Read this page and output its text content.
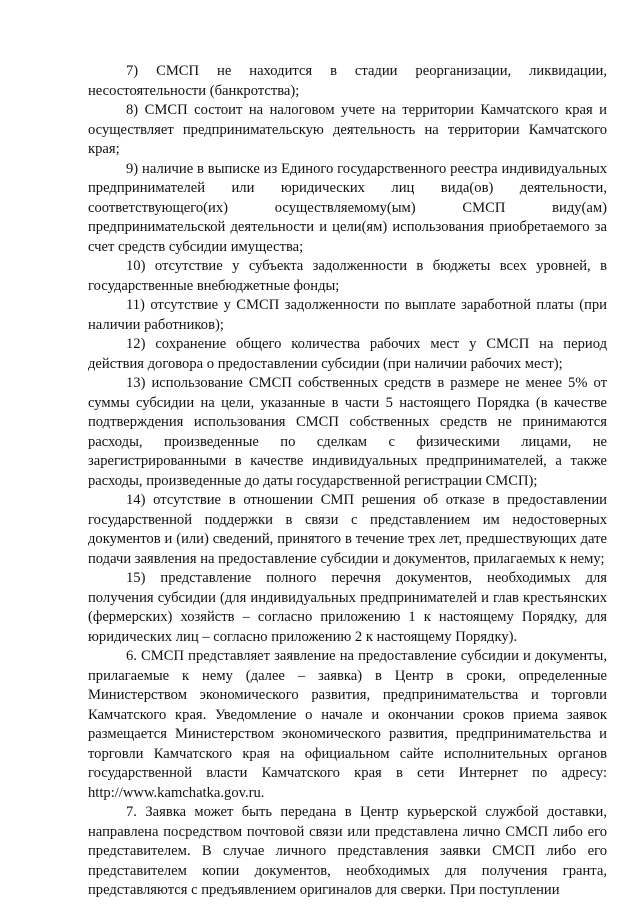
7) СМСП не находится в стадии реорганизации, ликвидации, несостоятельности (банкротства);

8) СМСП состоит на налоговом учете на территории Камчатского края и осуществляет предпринимательскую деятельность на территории Камчатского края;

9) наличие в выписке из Единого государственного реестра индивидуальных предпринимателей или юридических лиц вида(ов) деятельности, соответствующего(их) осуществляемому(ым) СМСП виду(ам) предпринимательской деятельности и цели(ям) использования приобретаемого за счет средств субсидии имущества;

10) отсутствие у субъекта задолженности в бюджеты всех уровней, в государственные внебюджетные фонды;

11) отсутствие у СМСП задолженности по выплате заработной платы (при наличии работников);

12) сохранение общего количества рабочих мест у СМСП на период действия договора о предоставлении субсидии (при наличии рабочих мест);

13) использование СМСП собственных средств в размере не менее 5% от суммы субсидии на цели, указанные в части 5 настоящего Порядка (в качестве подтверждения использования СМСП собственных средств не принимаются расходы, произведенные по сделкам с физическими лицами, не зарегистрированными в качестве индивидуальных предпринимателей, а также расходы, произведенные до даты государственной регистрации СМСП);

14) отсутствие в отношении СМП решения об отказе в предоставлении государственной поддержки в связи с представлением им недостоверных документов и (или) сведений, принятого в течение трех лет, предшествующих дате подачи заявления на предоставление субсидии и документов, прилагаемых к нему;

15) представление полного перечня документов, необходимых для получения субсидии (для индивидуальных предпринимателей и глав крестьянских (фермерских) хозяйств – согласно приложению 1 к настоящему Порядку, для юридических лиц – согласно приложению 2 к настоящему Порядку).

6. СМСП представляет заявление на предоставление субсидии и документы, прилагаемые к нему (далее – заявка) в Центр в сроки, определенные Министерством экономического развития, предпринимательства и торговли Камчатского края. Уведомление о начале и окончании сроков приема заявок размещается Министерством экономического развития, предпринимательства и торговли Камчатского края на официальном сайте исполнительных органов государственной власти Камчатского края в сети Интернет по адресу: http://www.kamchatka.gov.ru.

7. Заявка может быть передана в Центр курьерской службой доставки, направлена посредством почтовой связи или представлена лично СМСП либо его представителем. В случае личного представления заявки СМСП либо его представителем копии документов, необходимых для получения гранта, представляются с предъявлением оригиналов для сверки. При поступлении
